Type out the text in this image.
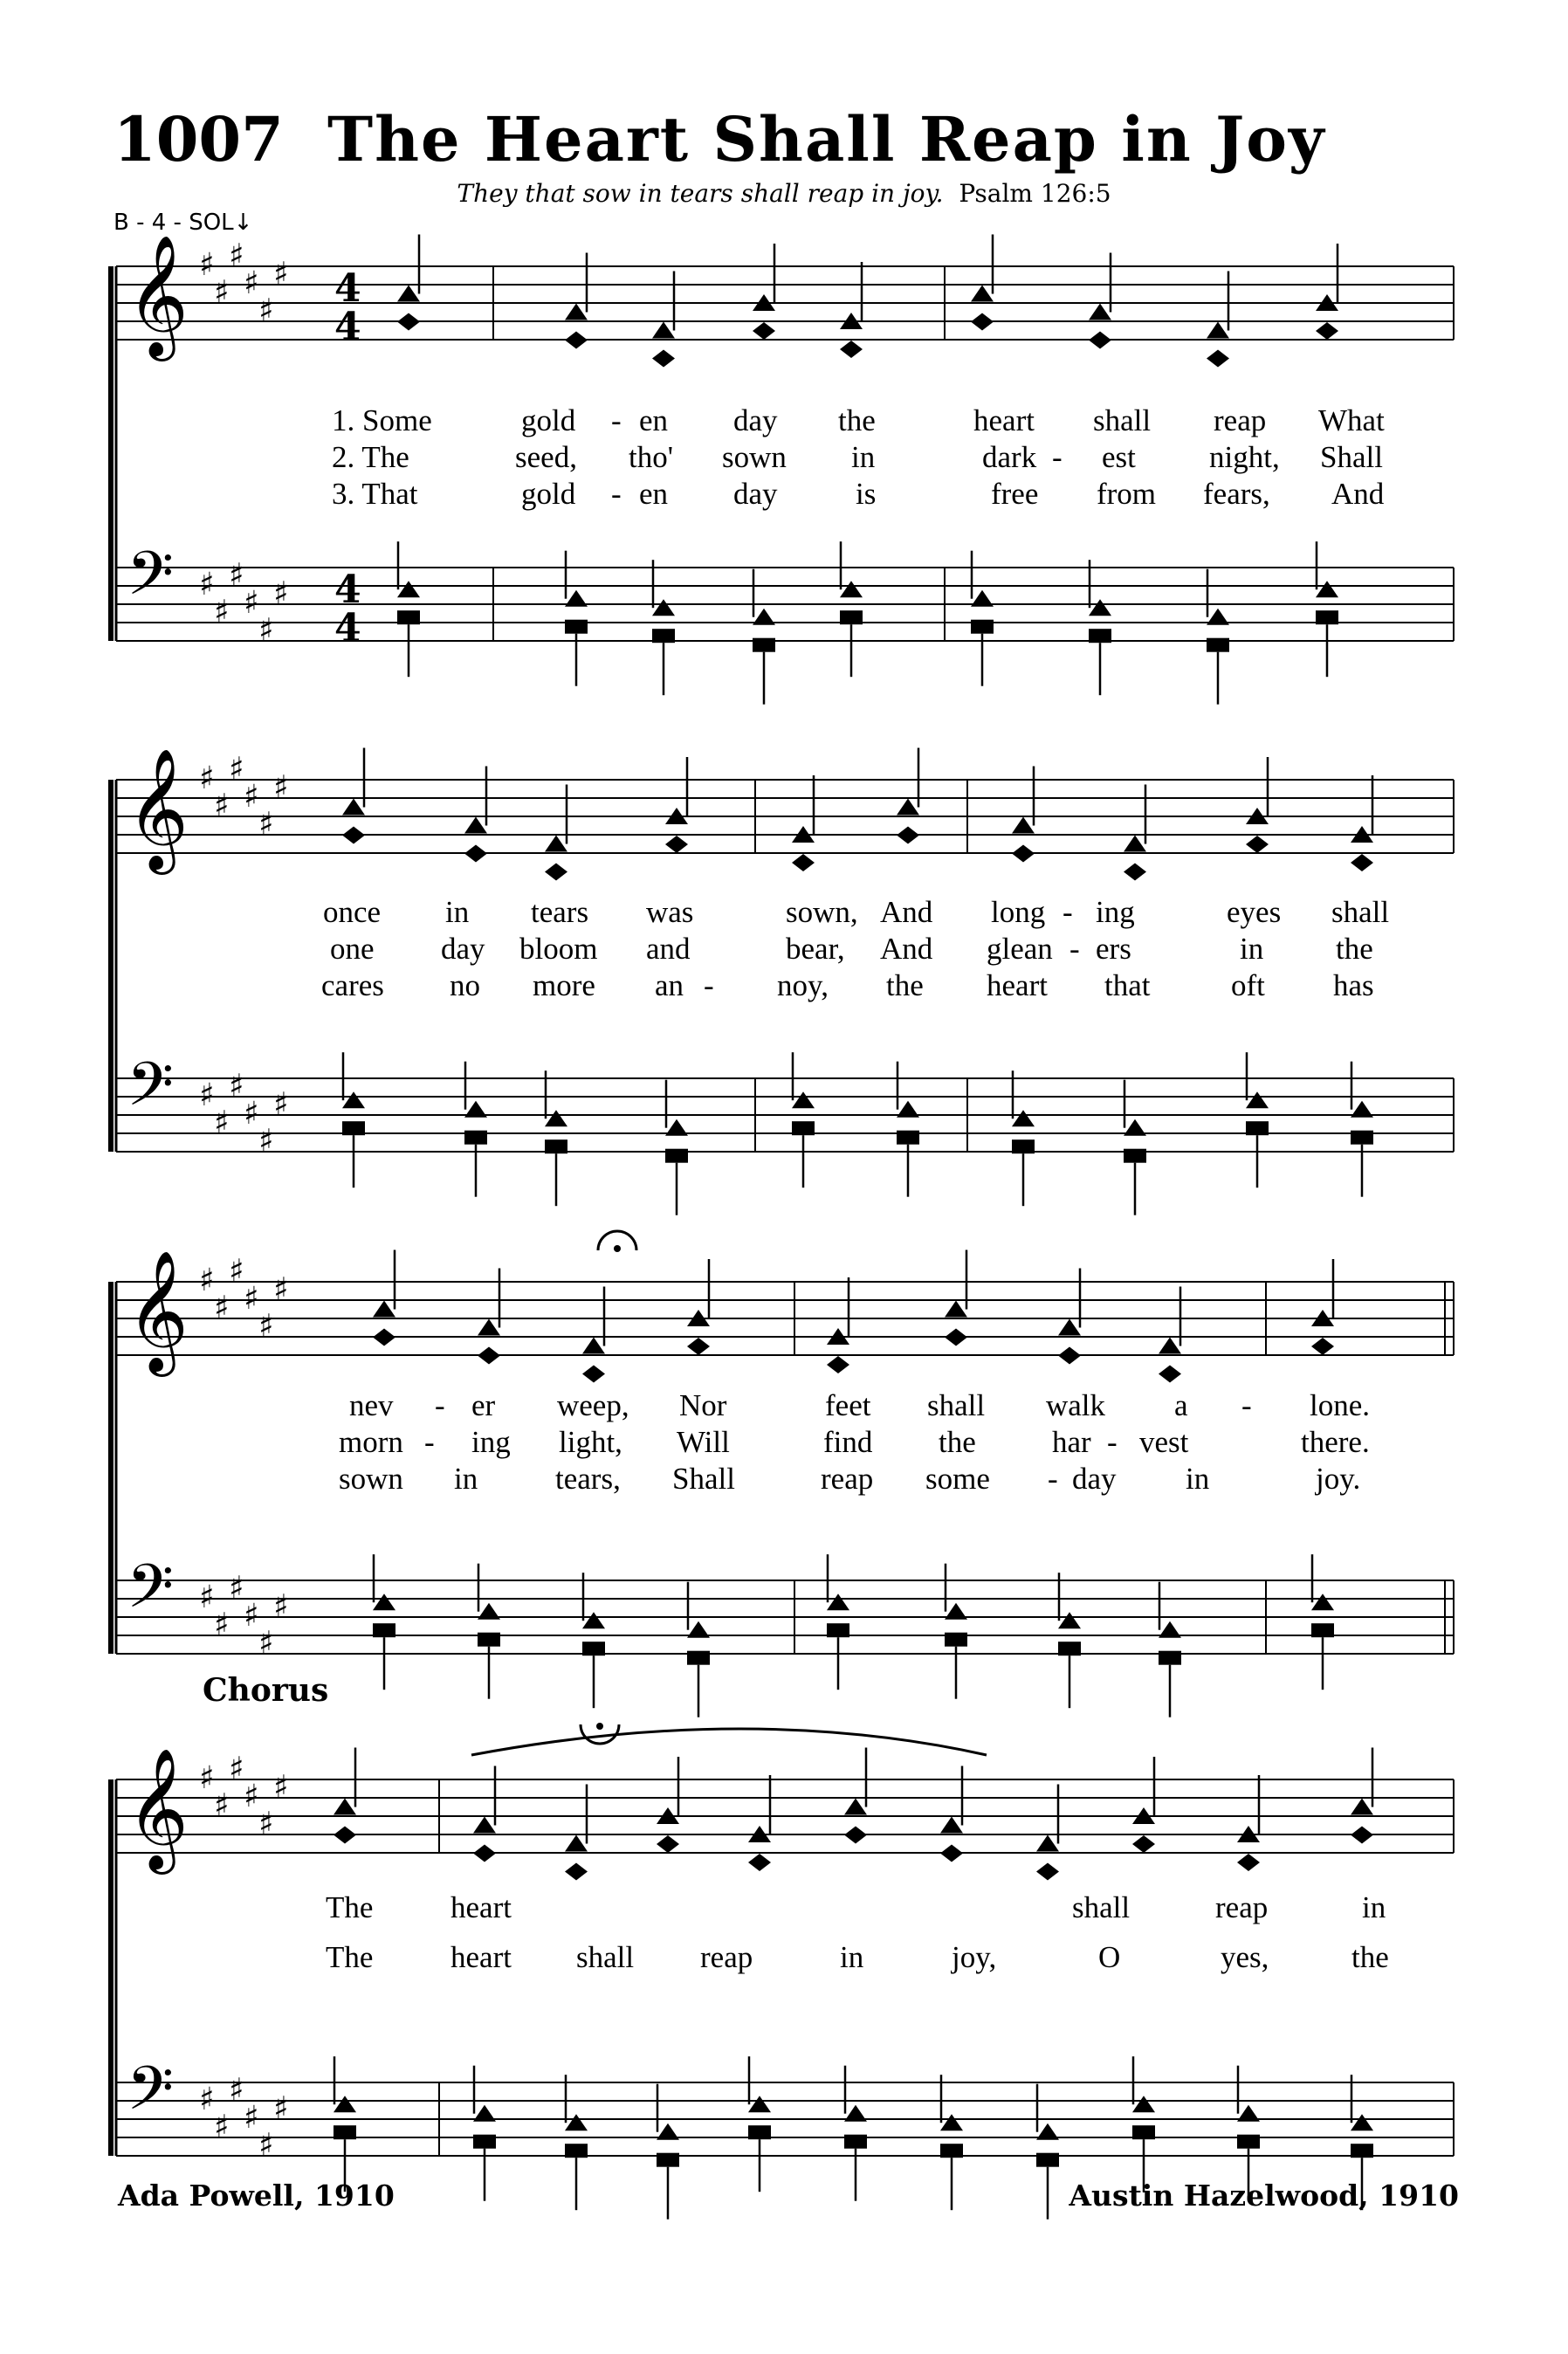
1007 The Heart Shall Reap in Joy
They that sow in tears shall reap in joy. Psalm 126:5
B - 4 - SOL↓
𝄞 ♯
♯
♯
♯
♯
♯ 4
4
𝄢 ♯
♯
♯
♯
♯
♯ 4
4
𝄞 ♯
♯
♯
♯
♯
♯
𝄢 ♯
♯
♯
♯
♯
♯
𝄞 ♯
♯
♯
♯
♯
♯
𝄢 ♯
♯
♯
♯
♯
♯
𝄞 ♯
♯
♯
♯
♯
♯
𝄢 ♯
♯
♯
♯
♯
♯
Chorus
1. Some	gold - en day the	heart shall reap What
2. The	seed, tho' sown in	dark - est night, Shall
3. That	gold - en day	is	free from fears, And
once in tears was	sown, And long - ing	eyes shall
one day bloom and	bear, And glean - ers	in the
cares no more an - noy, the heart that	oft has
nev - er weep, Nor	feet shall walk a - lone.
morn - ing light, Will	find the har - vest	there.
sown in	tears, Shall	reap some - day in	joy.
The	heart	shall	reap	in
The	heart shall reap	in	joy,	O	yes,	the
Ada Powell, 1910	Austin Hazelwood, 1910
